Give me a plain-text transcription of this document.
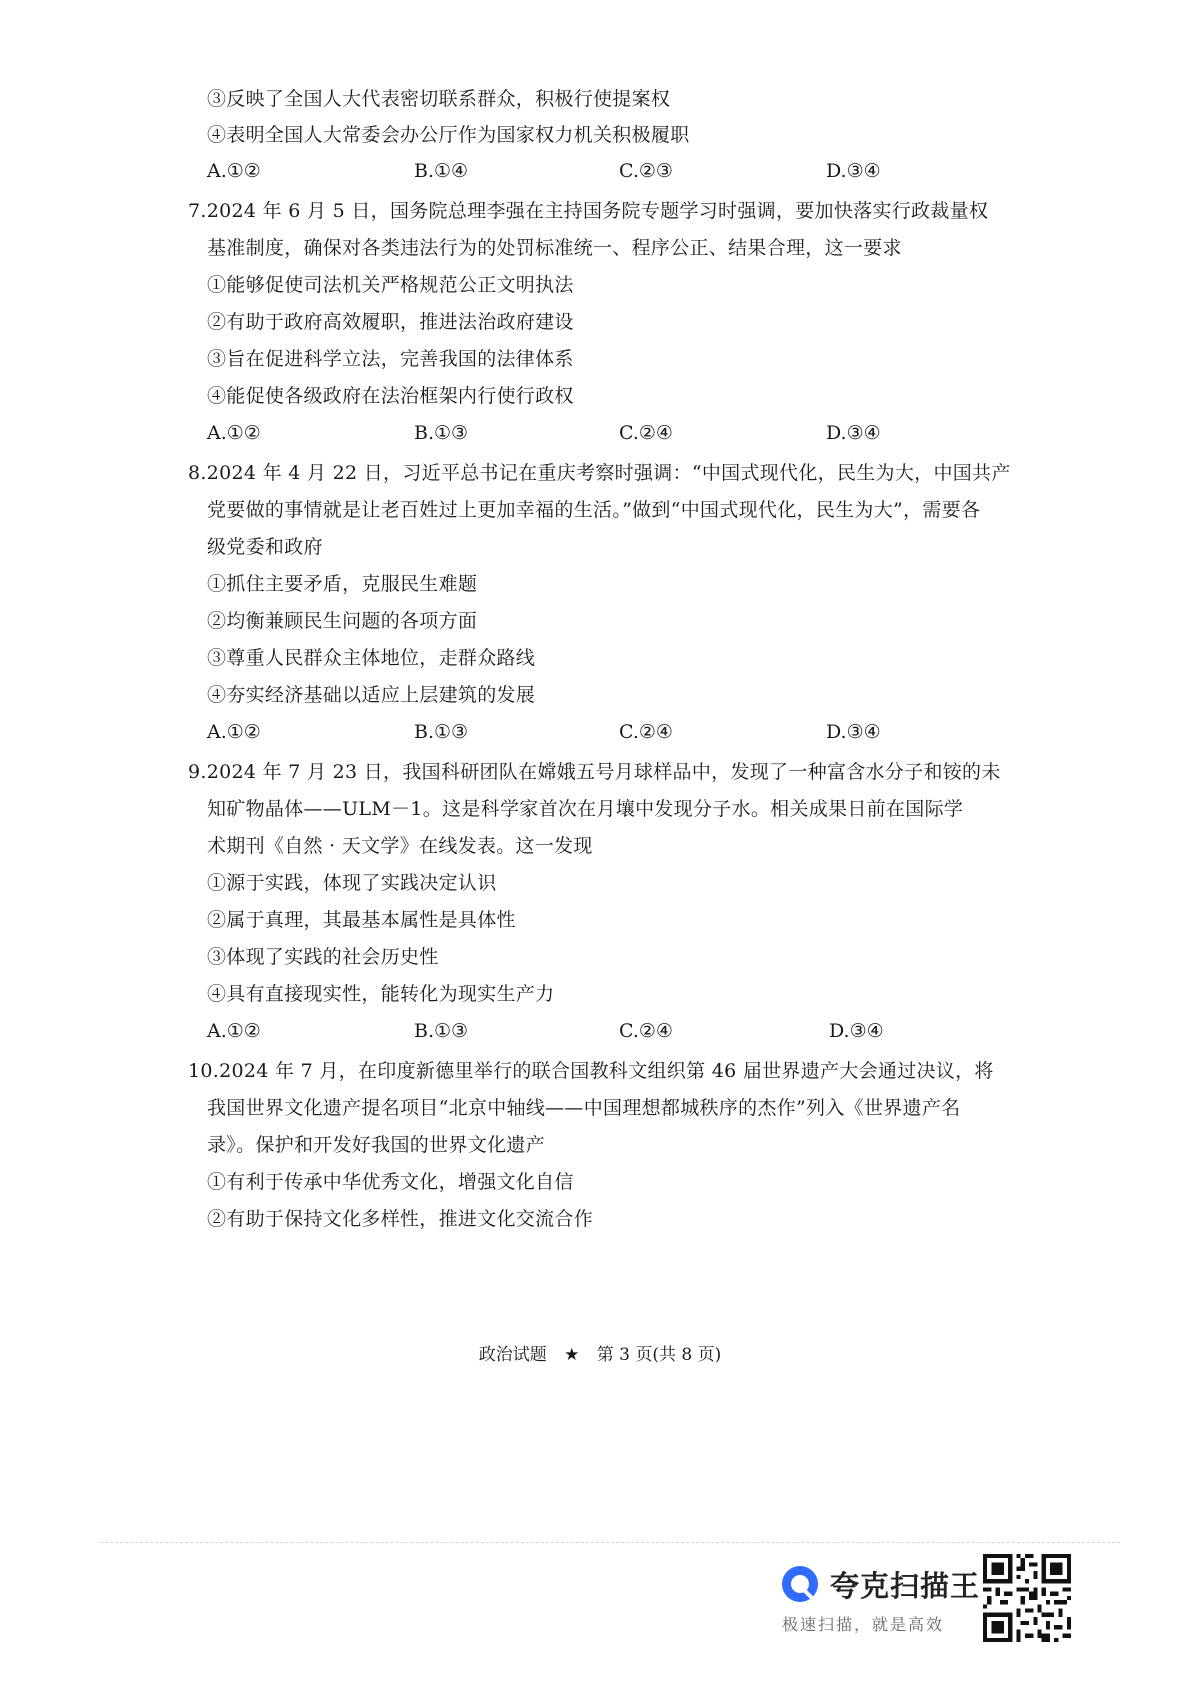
③反映了全国人大代表密切联系群众，积极行使提案权
④表明全国人大常委会办公厅作为国家权力机关积极履职
A.①②	B.①④	C.②③	D.③④
7.2024 年 6 月 5 日，国务院总理李强在主持国务院专题学习时强调，要加快落实行政裁量权
基准制度，确保对各类违法行为的处罚标准统一、程序公正、结果合理，这一要求
①能够促使司法机关严格规范公正文明执法
②有助于政府高效履职，推进法治政府建设
③旨在促进科学立法，完善我国的法律体系
④能促使各级政府在法治框架内行使行政权
A.①②	B.①③	C.②④	D.③④
8.2024 年 4 月 22 日，习近平总书记在重庆考察时强调：“中国式现代化，民生为大，中国共产
党要做的事情就是让老百姓过上更加幸福的生活。”做到“中国式现代化，民生为大”，需要各
级党委和政府
①抓住主要矛盾，克服民生难题
②均衡兼顾民生问题的各项方面
③尊重人民群众主体地位，走群众路线
④夯实经济基础以适应上层建筑的发展
A.①②	B.①③	C.②④	D.③④
9.2024 年 7 月 23 日，我国科研团队在嫦娥五号月球样品中，发现了一种富含水分子和铵的未
知矿物晶体——ULM－1。这是科学家首次在月壤中发现分子水。相关成果日前在国际学
术期刊《自然 · 天文学》在线发表。这一发现
①源于实践，体现了实践决定认识
②属于真理，其最基本属性是具体性
③体现了实践的社会历史性
④具有直接现实性，能转化为现实生产力
A.①②	B.①③	C.②④	D.③④
10.2024 年 7 月，在印度新德里举行的联合国教科文组织第 46 届世界遗产大会通过决议，将
我国世界文化遗产提名项目“北京中轴线——中国理想都城秩序的杰作”列入《世界遗产名
录》。保护和开发好我国的世界文化遗产
①有利于传承中华优秀文化，增强文化自信
②有助于保持文化多样性，推进文化交流合作
政治试题 ★ 第 3 页(共 8 页)
夸克扫描王
极速扫描，就是高效
